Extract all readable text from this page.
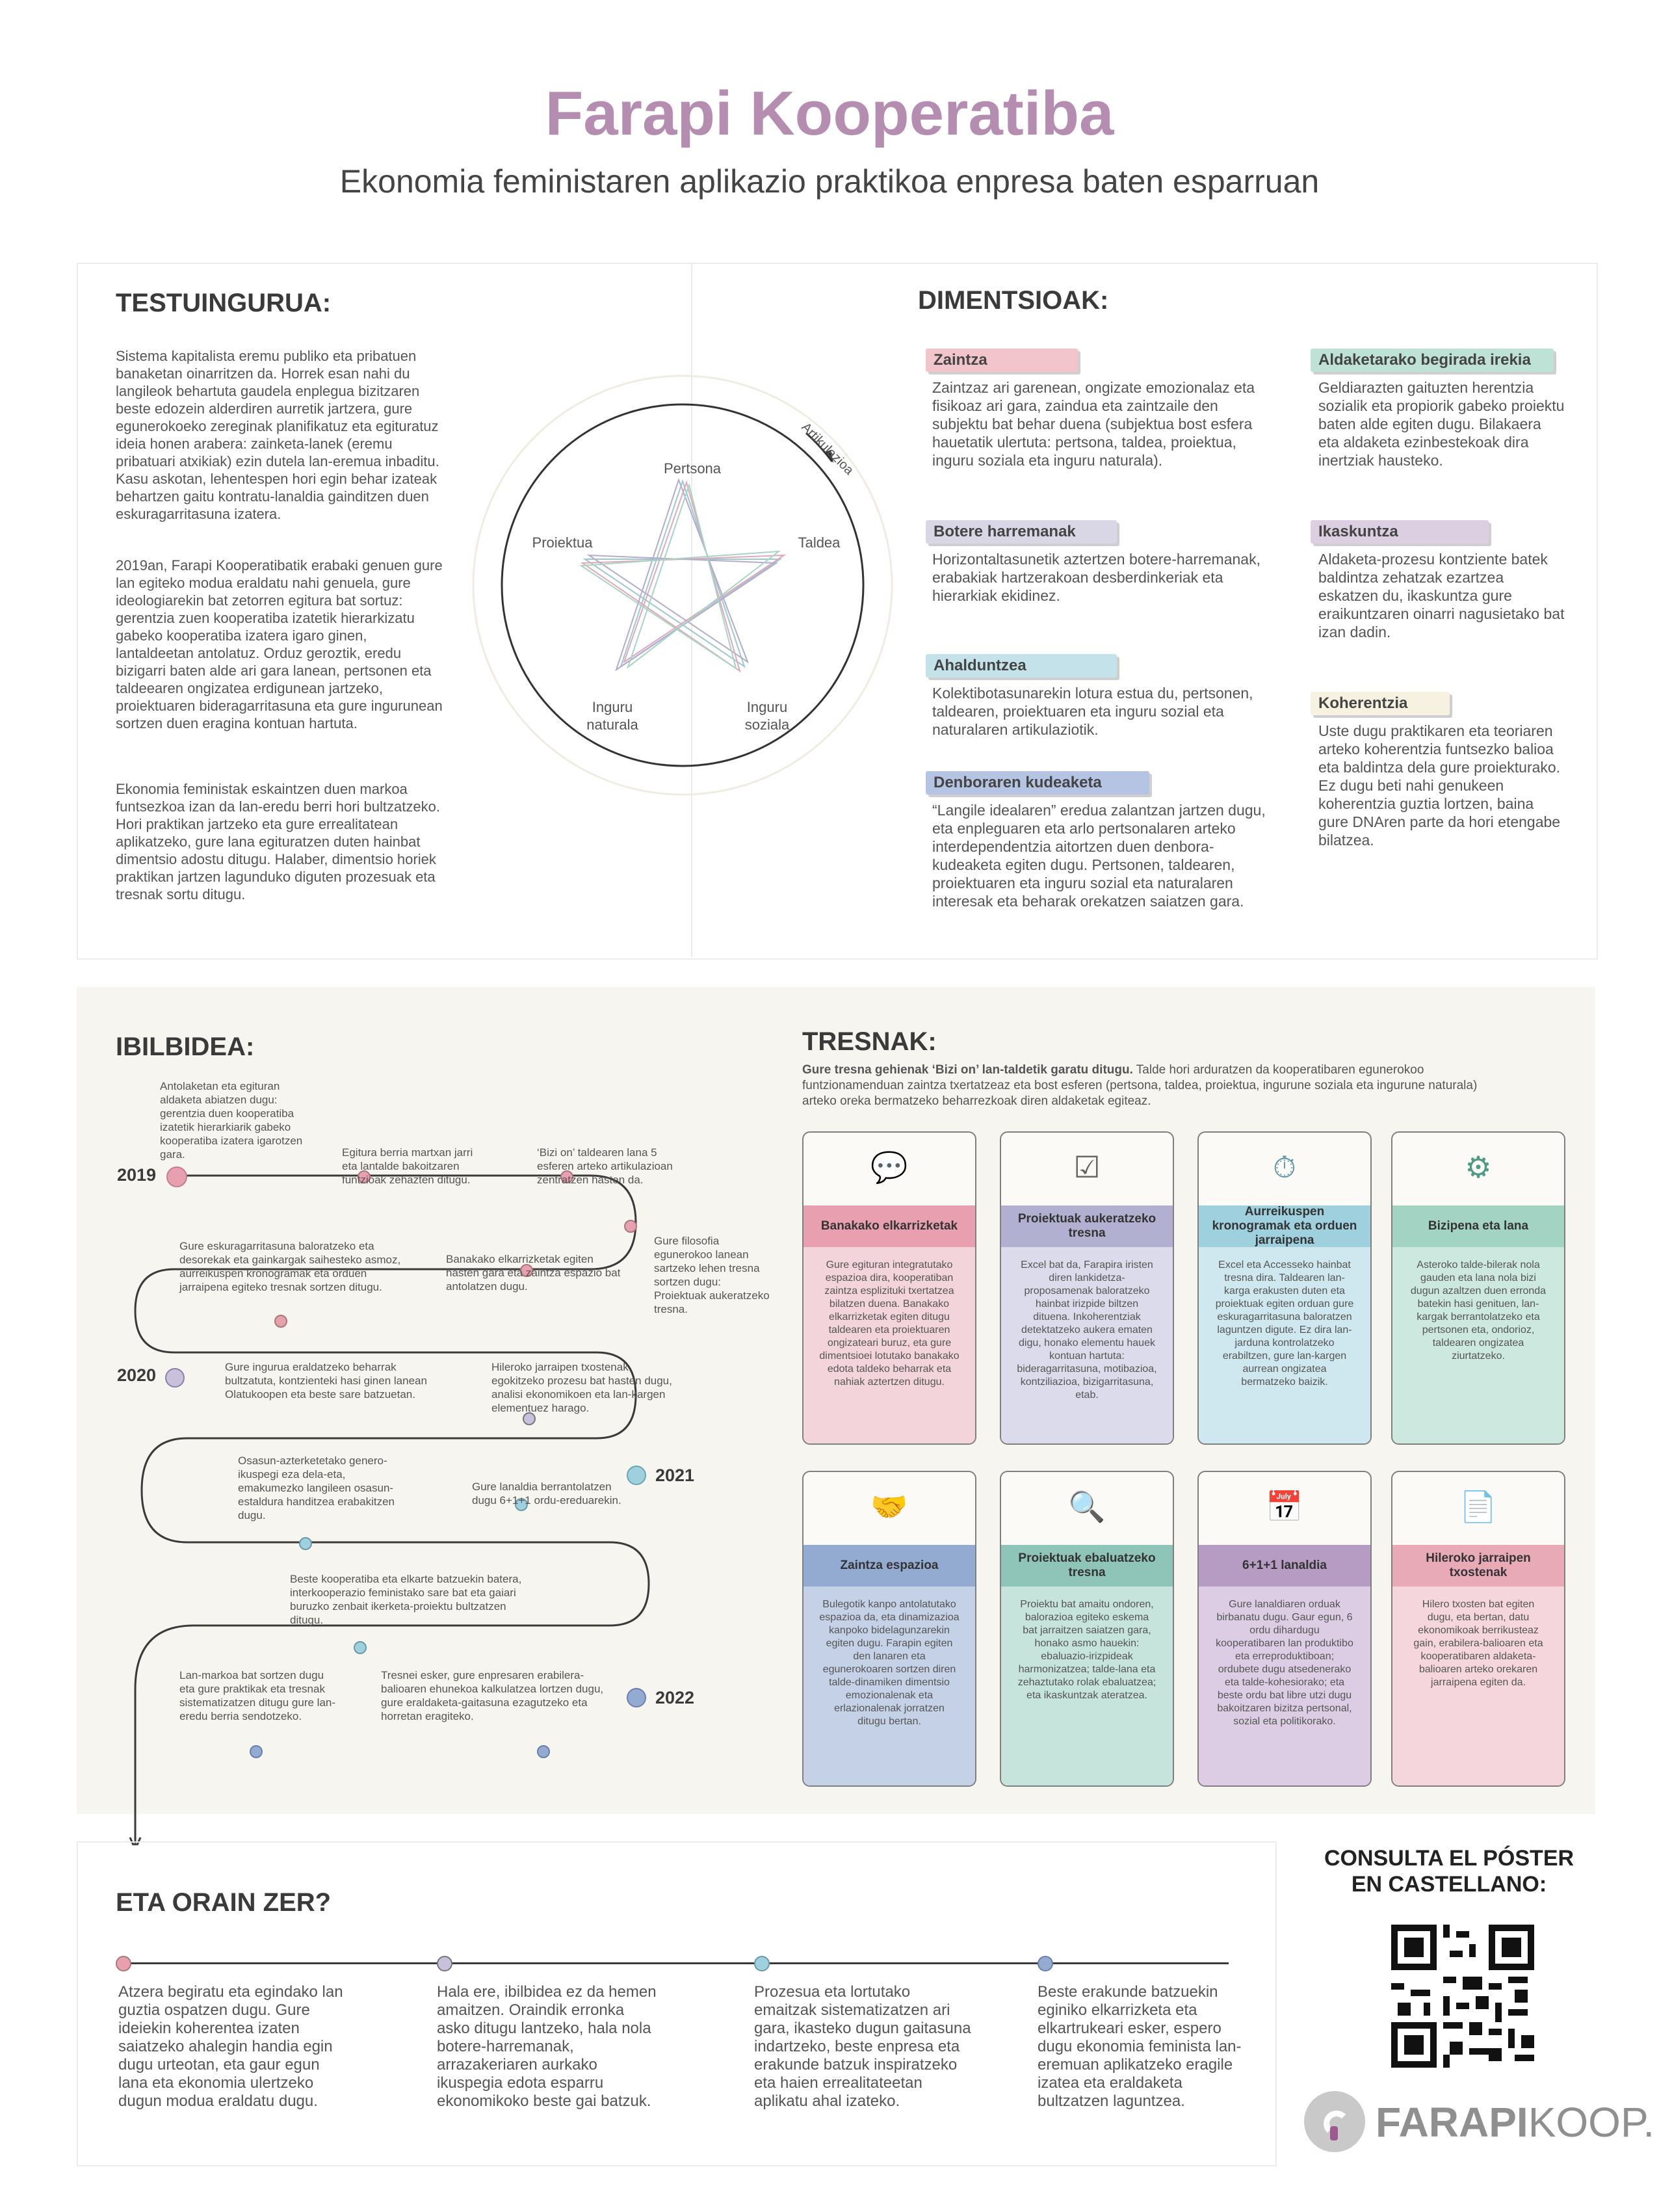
Farapi Kooperatiba
Ekonomia feministaren aplikazio praktikoa enpresa baten esparruan
TESTUINGURUA:
Sistema kapitalista eremu publiko eta pribatuen banaketan oinarritzen da. Horrek esan nahi du langileok behartuta gaudela enplegua bizitzaren beste edozein alderdiren aurretik jartzera, gure egunerokoeko zereginak planifikatuz eta egituratuz ideia honen arabera: zainketa-lanek (eremu pribatuari atxikiak) ezin dutela lan-eremua inbaditu. Kasu askotan, lehentespen hori egin behar izateak behartzen gaitu kontratu-lanaldia gainditzen duen eskuragarritasuna izatera.
2019an, Farapi Kooperatibatik erabaki genuen gure lan egiteko modua eraldatu nahi genuela, gure ideologiarekin bat zetorren egitura bat sortuz: gerentzia zuen kooperatiba izatetik hierarkizatu gabeko kooperatiba izatera igaro ginen, lantaldeetan antolatuz. Orduz geroztik, eredu bizigarri baten alde ari gara lanean, pertsonen eta taldeearen ongizatea erdigunean jartzeko, proiektuaren bideragarritasuna eta gure ingurunean sortzen duen eragina kontuan hartuta.
Ekonomia feministak eskaintzen duen markoa funtsezkoa izan da lan-eredu berri hori bultzatzeko. Hori praktikan jartzeko eta gure errealitatean aplikatzeko, gure lana egituratzen duten hainbat dimentsio adostu ditugu. Halaber, dimentsio horiek praktikan jartzen lagunduko diguten prozesuak eta tresnak sortu ditugu.
Pertsona
Taldea
Proiektua
Inguru naturala
Inguru soziala
Artikulazioa
DIMENTSIOAK:
Zaintza
Zaintzaz ari garenean, ongizate emozionalaz eta fisikoaz ari gara, zaindua eta zaintzaile den subjektu bat behar duena (subjektua bost esfera hauetatik ulertuta: pertsona, taldea, proiektua, inguru soziala eta inguru naturala).
Botere harremanak
Horizontaltasunetik aztertzen botere-harremanak, erabakiak hartzerakoan desberdinkeriak eta hierarkiak ekidinez.
Ahalduntzea
Kolektibotasunarekin lotura estua du, pertsonen, taldearen, proiektuaren eta inguru sozial eta naturalaren artikulaziotik.
Denboraren kudeaketa
“Langile idealaren” eredua zalantzan jartzen dugu, eta enpleguaren eta arlo pertsonalaren arteko interdependentzia aitortzen duen denbora-kudeaketa egiten dugu. Pertsonen, taldearen, proiektuaren eta inguru sozial eta naturalaren interesak eta beharak orekatzen saiatzen gara.
Aldaketarako begirada irekia
Geldiarazten gaituzten herentzia sozialik eta propiorik gabeko proiektu baten alde egiten dugu. Bilakaera eta aldaketa ezinbestekoak dira inertziak hausteko.
Ikaskuntza
Aldaketa-prozesu kontziente batek baldintza zehatzak ezartzea eskatzen du, ikaskuntza gure eraikuntzaren oinarri nagusietako bat izan dadin.
Koherentzia
Uste dugu praktikaren eta teoriaren arteko koherentzia funtsezko balioa eta baldintza dela gure proiekturako. Ez dugu beti nahi genukeen koherentzia guztia lortzen, baina gure DNAren parte da hori etengabe bilatzea.
IBILBIDEA:
2019
2020
2021
2022
Antolaketan eta egituran aldaketa abiatzen dugu: gerentzia duen kooperatiba izatetik hierarkiarik gabeko kooperatiba izatera igarotzen gara.	Egitura berria martxan jarri eta lantalde bakoitzaren funtzioak zehazten ditugu.
‘Bizi on’ taldearen lana 5 esferen arteko artikulazioan zentratzen hasten da.
Gure filosofia egunerokoo lanean sartzeko lehen tresna sortzen dugu: Proiektuak aukeratzeko tresna.
Banakako elkarrizketak egiten hasten gara eta zaintza espazio bat antolatzen dugu.
Gure eskuragarritasuna baloratzeko eta desorekak eta gainkargak saihesteko asmoz, aurreikuspen kronogramak eta orduen jarraipena egiteko tresnak sortzen ditugu.
Gure ingurua eraldatzeko beharrak bultzatuta, kontzienteki hasi ginen lanean Olatukoopen eta beste sare batzuetan.
Hileroko jarraipen txostenak egokitzeko prozesu bat hasten dugu, analisi ekonomikoen eta lan-kargen elementuez harago.
Osasun-azterketetako genero-ikuspegi eza dela-eta, emakumezko langileen osasun-estaldura handitzea erabakitzen dugu.
Gure lanaldia berrantolatzen dugu 6+1+1 ordu-ereduarekin.
Beste kooperatiba eta elkarte batzuekin batera, interkooperazio feministako sare bat eta gaiari buruzko zenbait ikerketa-proiektu bultzatzen ditugu.
Lan-markoa bat sortzen dugu eta gure praktikak eta tresnak sistematizatzen ditugu gure lan-eredu berria sendotzeko.
Tresnei esker, gure enpresaren erabilera-balioaren ehunekoa kalkulatzea lortzen dugu, gure eraldaketa-gaitasuna ezagutzeko eta horretan eragiteko.
TRESNAK:
Gure tresna gehienak ‘Bizi on’ lan-taldetik garatu ditugu. Talde hori arduratzen da kooperatibaren egunerokoo funtzionamenduan zaintza txertatzeaz eta bost esferen (pertsona, taldea, proiektua, ingurune soziala eta ingurune naturala) arteko oreka bermatzeko beharrezkoak diren aldaketak egiteaz.
💬
Banakako elkarrizketak
Gure egituran integratutako espazioa dira, kooperatiban zaintza esplizituki txertatzea bilatzen duena. Banakako elkarrizketak egiten ditugu taldearen eta proiektuaren ongizateari buruz, eta gure dimentsioei lotutako banakako edota taldeko beharrak eta nahiak aztertzen ditugu.
☑
Proiektuak aukeratzeko tresna
Excel bat da, Farapira iristen diren lankidetza-proposamenak baloratzeko hainbat irizpide biltzen dituena. Inkoherentziak detektatzeko aukera ematen digu, honako elementu hauek kontuan hartuta: bideragarritasuna, motibazioa, kontziliazioa, bizigarritasuna, etab.
⏱
Aurreikuspen kronogramak eta orduen jarraipena
Excel eta Accesseko hainbat tresna dira. Taldearen lan-karga erakusten duten eta proiektuak egiten orduan gure eskuragarritasuna baloratzen laguntzen digute. Ez dira lan-jarduna kontrolatzeko erabiltzen, gure lan-kargen aurrean ongizatea bermatzeko baizik.
⚙
Bizipena eta lana
Asteroko talde-bilerak nola gauden eta lana nola bizi dugun azaltzen duen erronda batekin hasi genituen, lan-kargak berrantolatzeko eta pertsonen eta, ondorioz, taldearen ongizatea ziurtatzeko.
🤝
Zaintza espazioa
Bulegotik kanpo antolatutako espazioa da, eta dinamizazioa kanpoko bidelagunzarekin egiten dugu. Farapin egiten den lanaren eta egunerokoaren sortzen diren talde-dinamiken dimentsio emozionalenak eta erlazionalenak jorratzen ditugu bertan.
🔍
Proiektuak ebaluatzeko tresna
Proiektu bat amaitu ondoren, balorazioa egiteko eskema bat jarraitzen saiatzen gara, honako asmo hauekin: ebaluazio-irizpideak harmonizatzea; talde-lana eta zehaztutako rolak ebaluatzea; eta ikaskuntzak ateratzea.
📅
6+1+1 lanaldia
Gure lanaldiaren orduak birbanatu dugu. Gaur egun, 6 ordu dihardugu kooperatibaren lan produktibo eta erreproduktiboan; ordubete dugu atsedenerako eta talde-kohesiorako; eta beste ordu bat libre utzi dugu bakoitzaren bizitza pertsonal, sozial eta politikorako.
📄
Hileroko jarraipen txostenak
Hilero txosten bat egiten dugu, eta bertan, datu ekonomikoak berrikusteaz gain, erabilera-balioaren eta kooperatibaren aldaketa-balioaren arteko orekaren jarraipena egiten da.
ETA ORAIN ZER?
Atzera begiratu eta egindako lan guztia ospatzen dugu. Gure ideiekin koherentea izaten saiatzeko ahalegin handia egin dugu urteotan, eta gaur egun lana eta ekonomia ulertzeko dugun modua eraldatu dugu.
Hala ere, ibilbidea ez da hemen amaitzen. Oraindik erronka asko ditugu lantzeko, hala nola botere-harremanak, arrazakeriaren aurkako ikuspegia edota esparru ekonomikoko beste gai batzuk.
Prozesua eta lortutako emaitzak sistematizatzen ari gara, ikasteko dugun gaitasuna indartzeko, beste enpresa eta erakunde batzuk inspiratzeko eta haien errealitateetan aplikatu ahal izateko.
Beste erakunde batzuekin eginiko elkarrizketa eta elkartrukeari esker, espero dugu ekonomia feminista lan-eremuan aplikatzeko eragile izatea eta eraldaketa bultzatzen laguntzea.
CONSULTA EL PÓSTER
EN CASTELLANO:
FARAPIKOOP.
